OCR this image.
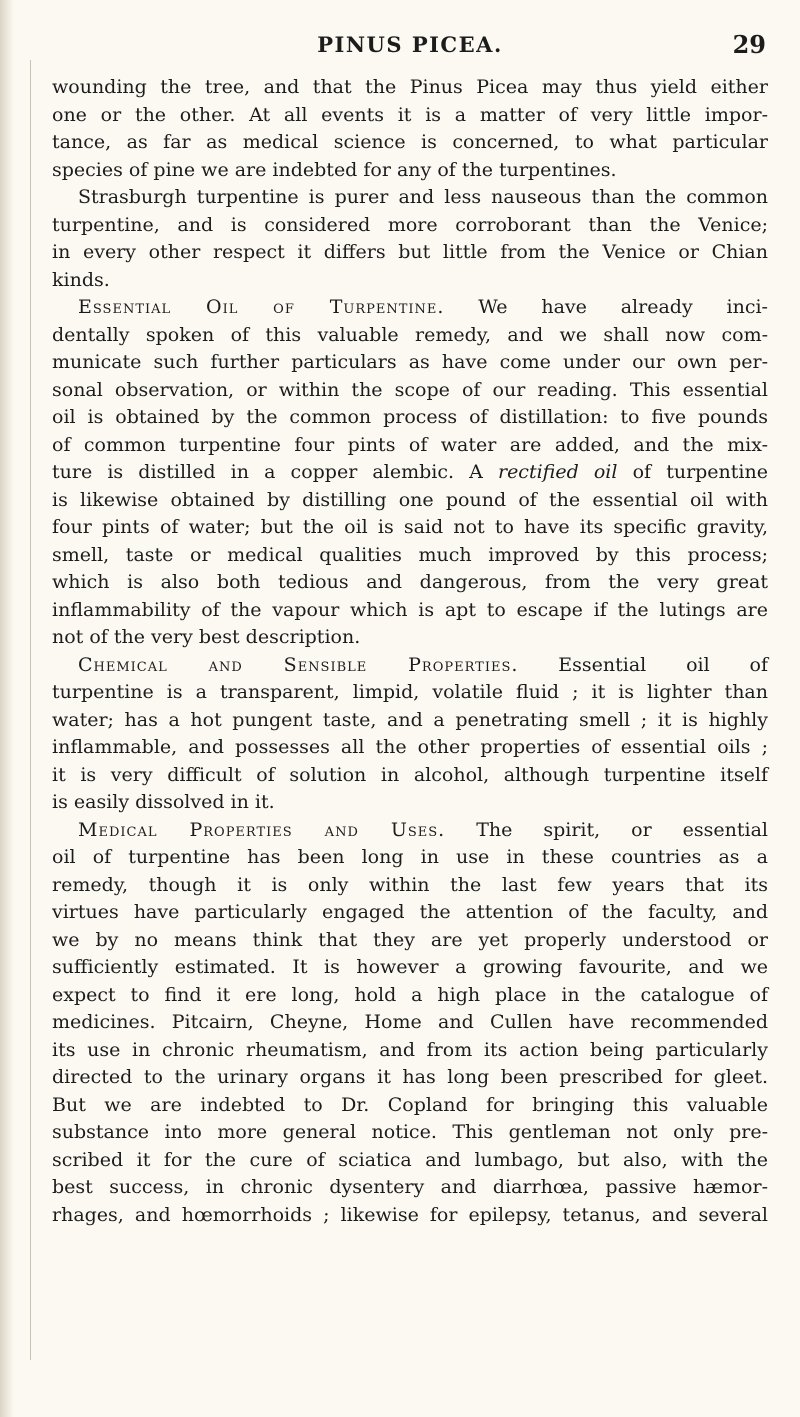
PINUS PICEA.	29
wounding the tree, and that the Pinus Picea may thus yield either
one or the other. At all events it is a matter of very little impor-
tance, as far as medical science is concerned, to what particular
species of pine we are indebted for any of the turpentines.
Strasburgh turpentine is purer and less nauseous than the common
turpentine, and is considered more corroborant than the Venice;
in every other respect it differs but little from the Venice or Chian
kinds.
Essential Oil of Turpentine. We have already inci-
dentally spoken of this valuable remedy, and we shall now com-
municate such further particulars as have come under our own per-
sonal observation, or within the scope of our reading. This essential
oil is obtained by the common process of distillation: to five pounds
of common turpentine four pints of water are added, and the mix-
ture is distilled in a copper alembic. A rectified oil of turpentine
is likewise obtained by distilling one pound of the essential oil with
four pints of water; but the oil is said not to have its specific gravity,
smell, taste or medical qualities much improved by this process;
which is also both tedious and dangerous, from the very great
inflammability of the vapour which is apt to escape if the lutings are
not of the very best description.
Chemical and Sensible Properties. Essential oil of
turpentine is a transparent, limpid, volatile fluid ; it is lighter than
water; has a hot pungent taste, and a penetrating smell ; it is highly
inflammable, and possesses all the other properties of essential oils ;
it is very difficult of solution in alcohol, although turpentine itself
is easily dissolved in it.
Medical Properties and Uses. The spirit, or essential
oil of turpentine has been long in use in these countries as a
remedy, though it is only within the last few years that its
virtues have particularly engaged the attention of the faculty, and
we by no means think that they are yet properly understood or
sufficiently estimated. It is however a growing favourite, and we
expect to find it ere long, hold a high place in the catalogue of
medicines. Pitcairn, Cheyne, Home and Cullen have recommended
its use in chronic rheumatism, and from its action being particularly
directed to the urinary organs it has long been prescribed for gleet.
But we are indebted to Dr. Copland for bringing this valuable
substance into more general notice. This gentleman not only pre-
scribed it for the cure of sciatica and lumbago, but also, with the
best success, in chronic dysentery and diarrhœa, passive hæmor-
rhages, and hœmorrhoids ; likewise for epilepsy, tetanus, and several
